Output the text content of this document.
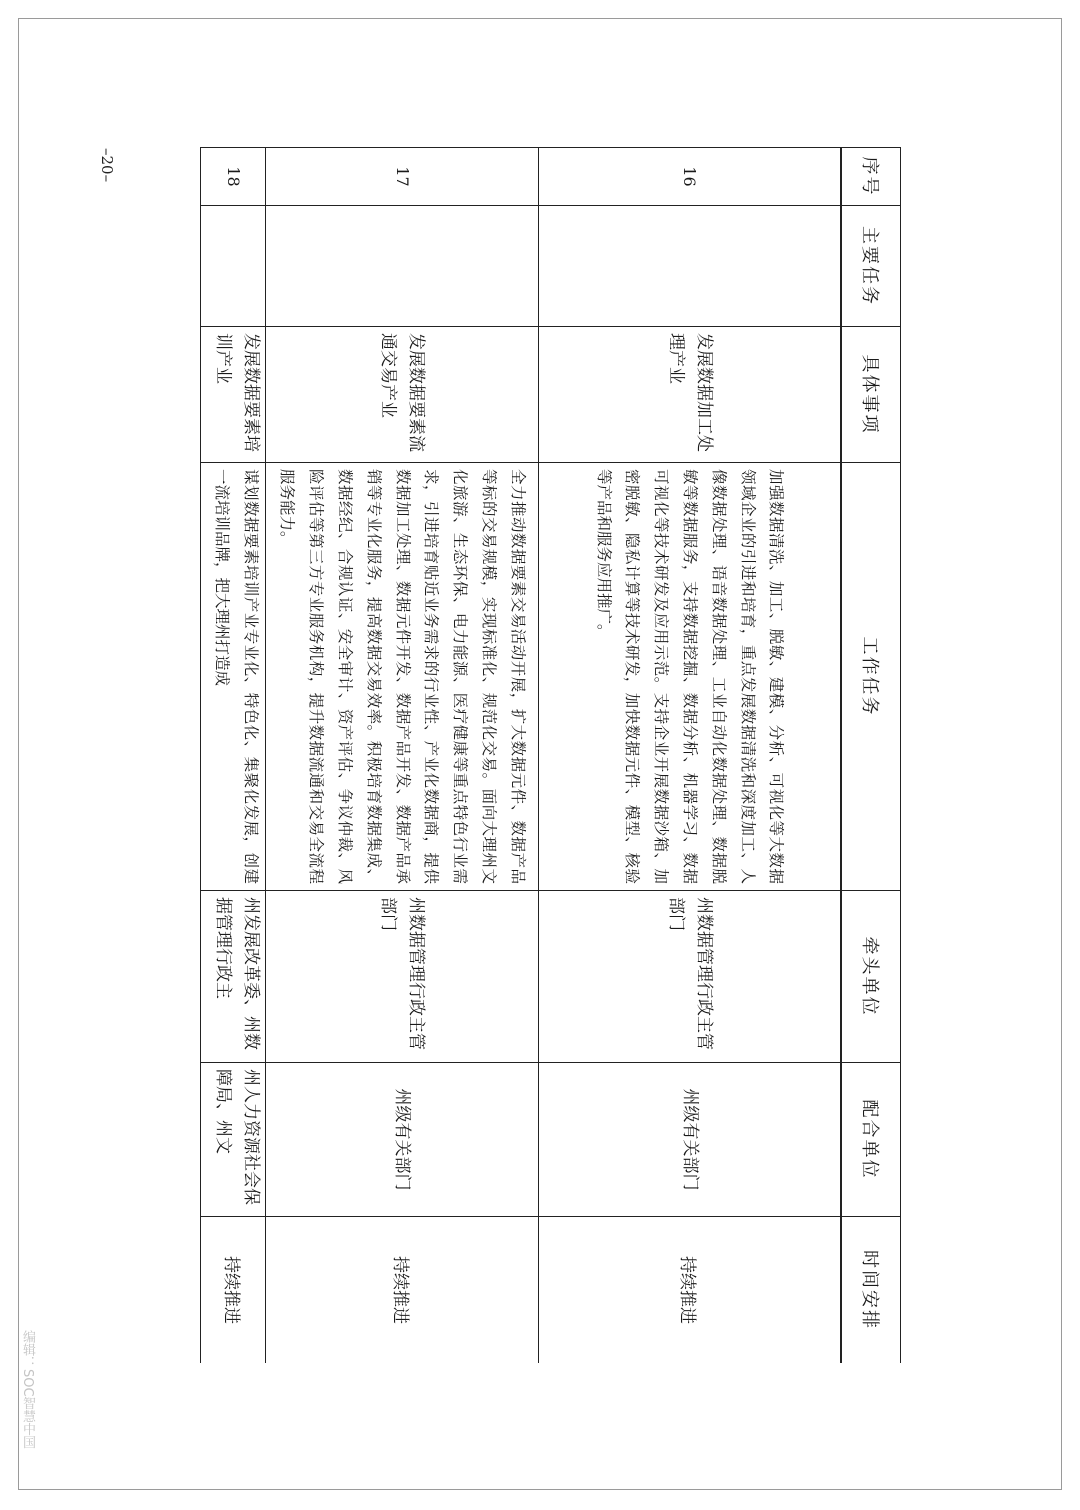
–20–
编辑：SOC智慧中国
序号	主要任务	具体事项	工作任务	牵头单位	配合单位	时间安排
16		发展数据加工处理产业	加强数据清洗、加工、脱敏、建模、分析、可视化等大数据领域企业的引进和培育，重点发展数据清洗和深度加工、人像数据处理、语音数据处理、工业自动化数据处理、数据脱敏等数据服务，支持数据挖掘、数据分析、机器学习、数据可视化等技术研发及应用示范。支持企业开展数据沙箱、加密脱敏、隐私计算等技术研发，加快数据元件、模型、核验等产品和服务应用推广。	州数据管理行政主管部门	州级有关部门	持续推进
17		发展数据要素流通交易产业	全力推动数据要素交易活动开展，扩大数据元件、数据产品等标的交易规模，实现标准化、规范化交易。面向大理州文化旅游、生态环保、电力能源、医疗健康等重点特色行业需求，引进培育贴近业务需求的行业性、产业化数据商，提供数据加工处理、数据元件开发、数据产品开发、数据产品承销等专业化服务，提高数据交易效率。积极培育数据集成、数据经纪、合规认证、安全审计、资产评估、争议仲裁、风险评估等第三方专业服务机构，提升数据流通和交易全流程服务能力。	州数据管理行政主管部门	州级有关部门	持续推进
18		发展数据要素培训产业	谋划数据要素培训产业专业化、特色化、集聚化发展，创建一流培训品牌，把大理州打造成	州发展改革委、州数据管理行政主	州人力资源社会保障局、州文	持续推进
